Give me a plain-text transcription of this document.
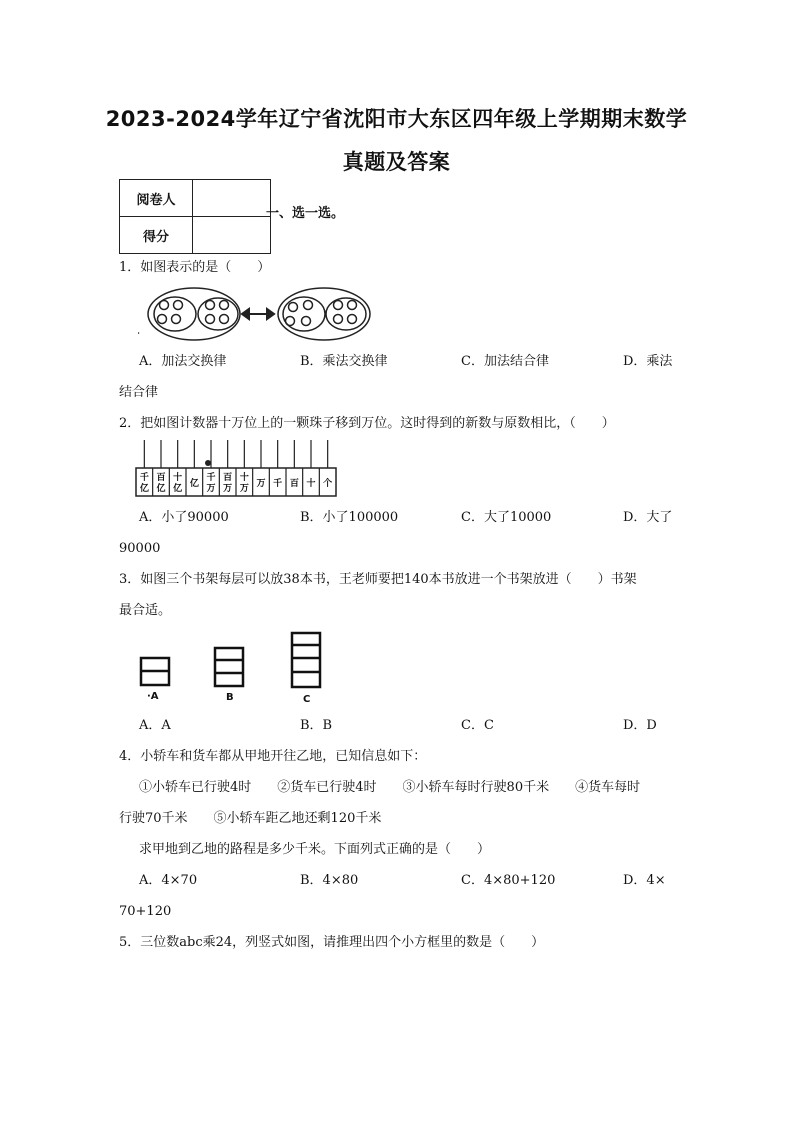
2023-2024学年辽宁省沈阳市大东区四年级上学期期末数学
真题及答案
阅卷人	
得分	
一、选一选。
1．如图表示的是（　　）
A．加法交换律	B．乘法交换律	C．加法结合律	D．乘法
结合律
2．把如图计数器十万位上的一颗珠子移到万位。这时得到的新数与原数相比，（　　）
千
亿
百
亿
十
亿 亿
千
万
百
万
十
万 万 千 百 十 个
A．小了90000	B．小了100000	C．大了10000	D．大了
90000
3．如图三个书架每层可以放38本书，王老师要把140本书放进一个书架放进（　　）书架
最合适。
·A	B	C
A．A	B．B	C．C	D．D
4．小轿车和货车都从甲地开往乙地，已知信息如下：
①小轿车已行驶4时　　②货车已行驶4时　　③小轿车每时行驶80千米　　④货车每时
行驶70千米　　⑤小轿车距乙地还剩120千米
求甲地到乙地的路程是多少千米。下面列式正确的是（　　）
A．4×70	B．4×80	C．4×80+120	D．4×
70+120
5．三位数abc乘24，列竖式如图，请推理出四个小方框里的数是（　　）
